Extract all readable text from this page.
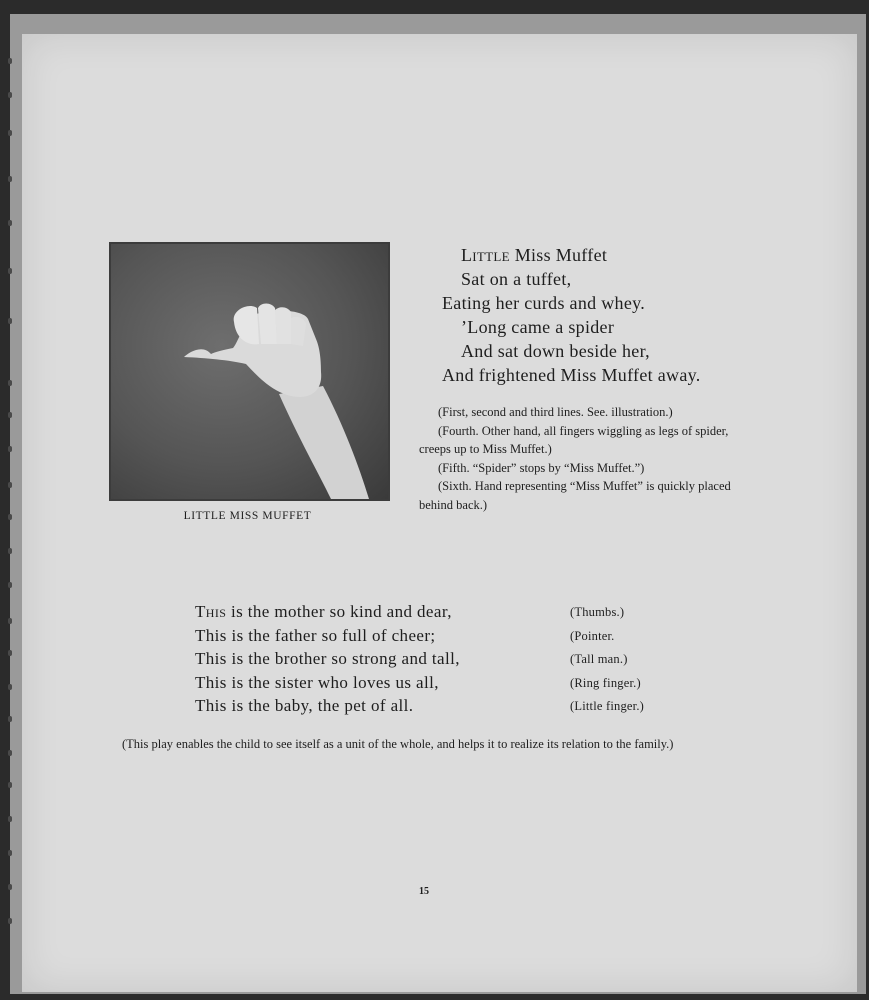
LITTLE MISS MUFFET
Little Miss Muffet
Sat on a tuffet,
Eating her curds and whey.
’Long came a spider
And sat down beside her,
And frightened Miss Muffet away.

(First, second and third lines. See. illustration.)

(Fourth. Other hand, all fingers wiggling as legs of spider, creeps up to Miss Muffet.)

(Fifth. “Spider” stops by “Miss Muffet.”)

(Sixth. Hand representing “Miss Muffet” is quickly placed behind back.)

This is the mother so kind and dear,	(Thumbs.)
This is the father so full of cheer;	(Pointer.
This is the brother so strong and tall,	(Tall man.)
This is the sister who loves us all,	(Ring finger.)
This is the baby, the pet of all.	(Little finger.)
(This play enables the child to see itself as a unit of the whole, and helps it to realize its relation to the family.)
15
